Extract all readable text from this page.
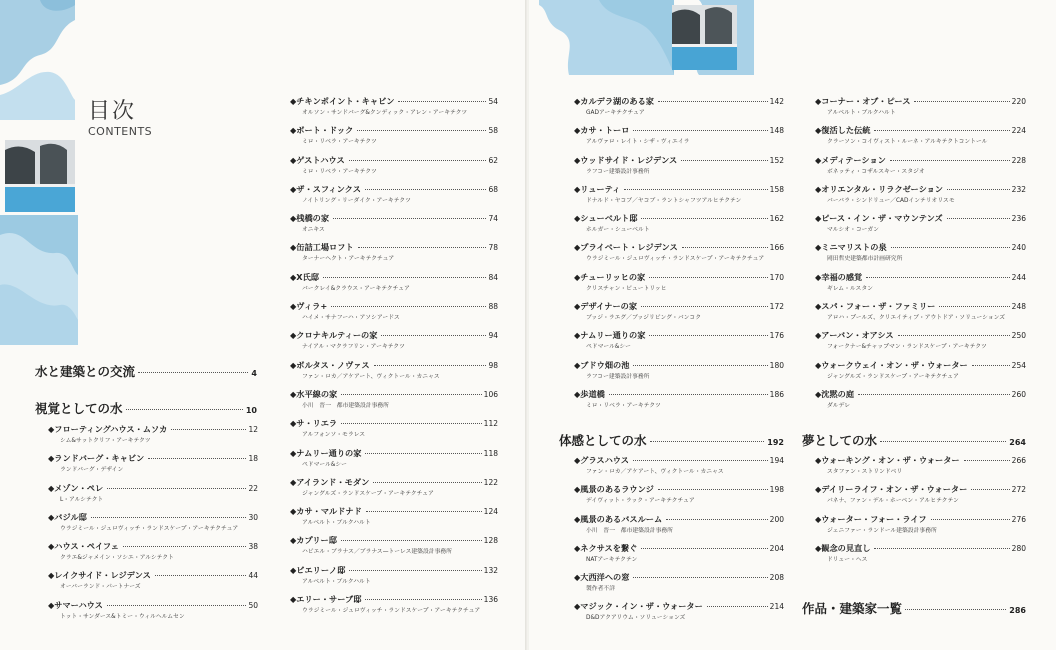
目次
CONTENTS
水と建築との交流	4
視覚としての水	10
◆フローティングハウス・ムソカ	12
シム&サットクリフ・アーキテクツ
◆ランドバーグ・キャビン	18
ランドバーグ・デザイン
◆メゾン・ペレ	22
L・アルシテクト
◆バジル邸	30
ウラジミール・ジュロヴィッチ・ランドスケープ・アーキテクチュア
◆ハウス・ペイフェ	38
クラエ&ジャメイン・ソシエ・アルシテクト
◆レイクサイド・レジデンス	44
オーバーランド・パートナーズ
◆サマーハウス	50
トット・サンダース&トミー・ウィルヘルムセン
◆チキンポイント・キャビン	54
オルソン・サンドバーグ&クンディック・アレン・アーキテクツ
◆ボート・ドック	58
ミロ・リベラ・アーキテクツ
◆ゲストハウス	62
ミロ・リベラ・アーキテクツ
◆ザ・スフィンクス	68
ノイトリング・リーダイク・アーキテクツ
◆桟橋の家	74
オニキス
◆缶詰工場ロフト	78
ターナーヘクト・アーキテクチュア
◆X氏邸	84
バークレイ&クラウス・アーキテクチュア
◆ヴィラ+	88
ハイメ・サナフーハ・アソシアードス
◆クロナキルティーの家	94
ナイアル・マクラフリン・アーキテクツ
◆ボルタス・ノヴァス	98
ファン・ロカ／アケアート、ヴィクトール・カニャス
◆水平線の家	106
小川　晋一　都市建築設計事務所
◆サ・リエラ	112
アルフォンソ・モラレス
◆ナムリー通りの家	118
ペドマール&シー
◆アイランド・モダン	122
ジャングルズ・ランドスケープ・アーキテクチュア
◆カサ・マルドナド	124
アルベルト・ブルクハルト
◆カプリー邸	128
ハビエル・ブラナス／ブラナス—トーレス建築設計事務所
◆ビエリーノ邸	132
アルベルト・ブルクハルト
◆エリー・サーブ邸	136
ウラジミール・ジュロヴィッチ・ランドスケープ・アーキテクチュア
◆カルデラ湖のある家	142
GADアーキテクチュア
◆カサ・トーロ	148
アルヴァロ・レイト・シザ・ヴィエイラ
◆ウッドサイド・レジデンス	152
ラフコー建築設計事務所
◆リューティ	158
ドナルド・ヤコブ／ヤコブ・ラントシャフツアルヒテクテン
◆シューベルト邸	162
ホルガー・シューベルト
◆プライベート・レジデンス	166
ウラジミール・ジュロヴィッチ・ランドスケープ・アーキテクチュア
◆チューリッヒの家	170
クリスチャン・ピュートリッヒ
◆デザイナーの家	172
ブッジ・ラエグ／ブッジリビング・バンコク
◆ナムリー通りの家	176
ペドマール&シー
◆ブドウ畑の池	180
ラフコー建築設計事務所
◆歩道橋	186
ミロ・リベラ・アーキテクツ
体感としての水	192
◆グラスハウス	194
ファン・ロカ／アケアート、ヴィクトール・カニャス
◆風景のあるラウンジ	198
デイヴィット・ラック・アーキテクチュア
◆風景のあるバスルーム	200
小川　晋一　都市建築設計事務所
◆ネクサスを繋ぐ	204
NATアーキテクテン
◆大西洋への窓	208
製作者不詳
◆マジック・イン・ザ・ウォーター	214
D&Dアクアリウム・ソリューションズ
◆コーナー・オブ・ピース	220
アルベルト・ブルクハルト
◆復活した伝統	224
クラーソン・コイヴィスト・ルーネ・アルキテクトコントール
◆メディテーション	228
ボネッティ・コザルスキー・スタジオ
◆オリエンタル・リラクゼーション	232
バーバラ・シンドリュー／CADインテリオリスモ
◆ピース・イン・ザ・マウンテンズ	236
マルシオ・コーガン
◆ミニマリストの泉	240
岡田哲史建築都市計画研究所
◆幸福の感覚	244
ギレム・ルスタン
◆スパ・フォー・ザ・ファミリー	248
アロハ・プールズ、クリエイティブ・アウトドア・ソリューションズ
◆アーバン・オアシス	250
フォークナー&チャップマン・ランドスケープ・アーキテクツ
◆ウォークウェイ・オン・ザ・ウォーター	254
ジャングルズ・ランドスケープ・アーキテクチュア
◆沈黙の庭	260
ダルデレ
夢としての水	264
◆ウォーキング・オン・ザ・ウォーター	266
スタファン・ストリンドベリ
◆デイリーライフ・オン・ザ・ウォーター	272
パネナ、ファン・デル・ホーベン・アルヒテクテン
◆ウォーター・フォー・ライフ	276
ジェニファー・ランドール建築設計事務所
◆観念の見直し	280
ドリュー・ヘス
作品・建築家一覧	286
